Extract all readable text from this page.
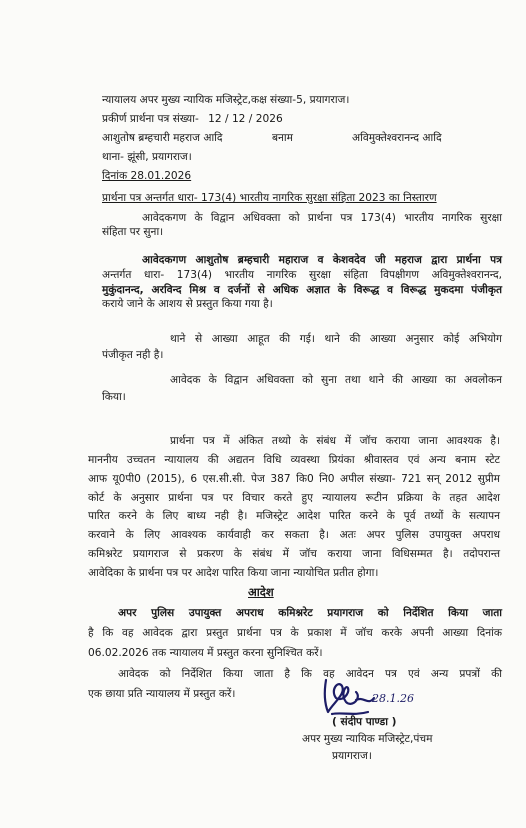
न्यायालय अपर मुख्य न्यायिक मजिस्ट्रेट,कक्ष संख्या-5, प्रयागराज।
प्रकीर्ण प्रार्थना पत्र संख्या- 12 / 12 / 2026
आशुतोष ब्रम्हचारी महराज आदि	बनाम	अविमुक्तेश्वरानन्द आदि
थाना- झूंसी, प्रयागराज।
दिनांक 28.01.2026
प्रार्थना पत्र अन्तर्गत धारा- 173(4) भारतीय नागरिक सुरक्षा संहिता 2023 का निस्तारण
आवेदकगण के विद्वान अधिवक्ता को प्रार्थना पत्र 173(4) भारतीय नागरिक सुरक्षा
संहिता पर सुना।
आवेदकगण आशुतोष ब्रम्हचारी महाराज व केशवदेव जी महराज द्वारा प्रार्थना पत्र
अन्तर्गत धारा- 173(4) भारतीय नागरिक सुरक्षा संहिता विपक्षीगण अविमुक्तेश्वरानन्द,
मुकुंदानन्द, अरविन्द मिश्र व दर्जनों से अधिक अज्ञात के विरूद्ध व विरूद्ध मुकदमा पंजीकृत
कराये जाने के आशय से प्रस्तुत किया गया है।
थाने से आख्या आहूत की गई। थाने की आख्या अनुसार कोई अभियोग
पंजीकृत नही है।
आवेदक के विद्वान अधिवक्ता को सुना तथा थाने की आख्या का अवलोकन
किया।
प्रार्थना पत्र में अंकित तथ्यो के संबंध में जॉच कराया जाना आवश्यक है।
माननीय उच्चतन न्यायालय की अद्यतन विधि व्यवस्था प्रियंका श्रीवास्तव एवं अन्य बनाम स्टेट
आफ यू0पी0 (2015), 6 एस.सी.सी. पेज 387 कि0 नि0 अपील संख्या- 721 सन् 2012 सुप्रीम
कोर्ट के अनुसार प्रार्थना पत्र पर विचार करते हुए न्यायालय रूटीन प्रक्रिया के तहत आदेश
पारित करने के लिए बाध्य नही है। मजिस्ट्रेट आदेश पारित करने के पूर्व तथ्यों के सत्यापन
करवाने के लिए आवश्यक कार्यवाही कर सकता है। अतः अपर पुलिस उपायुक्त अपराध
कमिश्नरेट प्रयागराज से प्रकरण के संबंध में जॉच कराया जाना विधिसम्मत है। तदोपरान्त
आवेदिका के प्रार्थना पत्र पर आदेश पारित किया जाना न्यायोचित प्रतीत होगा।
आदेश
अपर पुलिस उपायुक्त अपराध कमिश्नरेट प्रयागराज को निर्देशित किया जाता
है कि वह आवेदक द्वारा प्रस्तुत प्रार्थना पत्र के प्रकाश में जॉच करके अपनी आख्या दिनांक
06.02.2026 तक न्यायालय में प्रस्तुत करना सुनिश्चित करें।
आवेदक को निर्देशित किया जाता है कि वह आवेदन पत्र एवं अन्य प्रपत्रों की
एक छाया प्रति न्यायालय में प्रस्तुत करें।	28.1.26
( संदीप पाण्डा )
अपर मुख्य न्यायिक मजिस्ट्रेट,पंचम
प्रयागराज।
